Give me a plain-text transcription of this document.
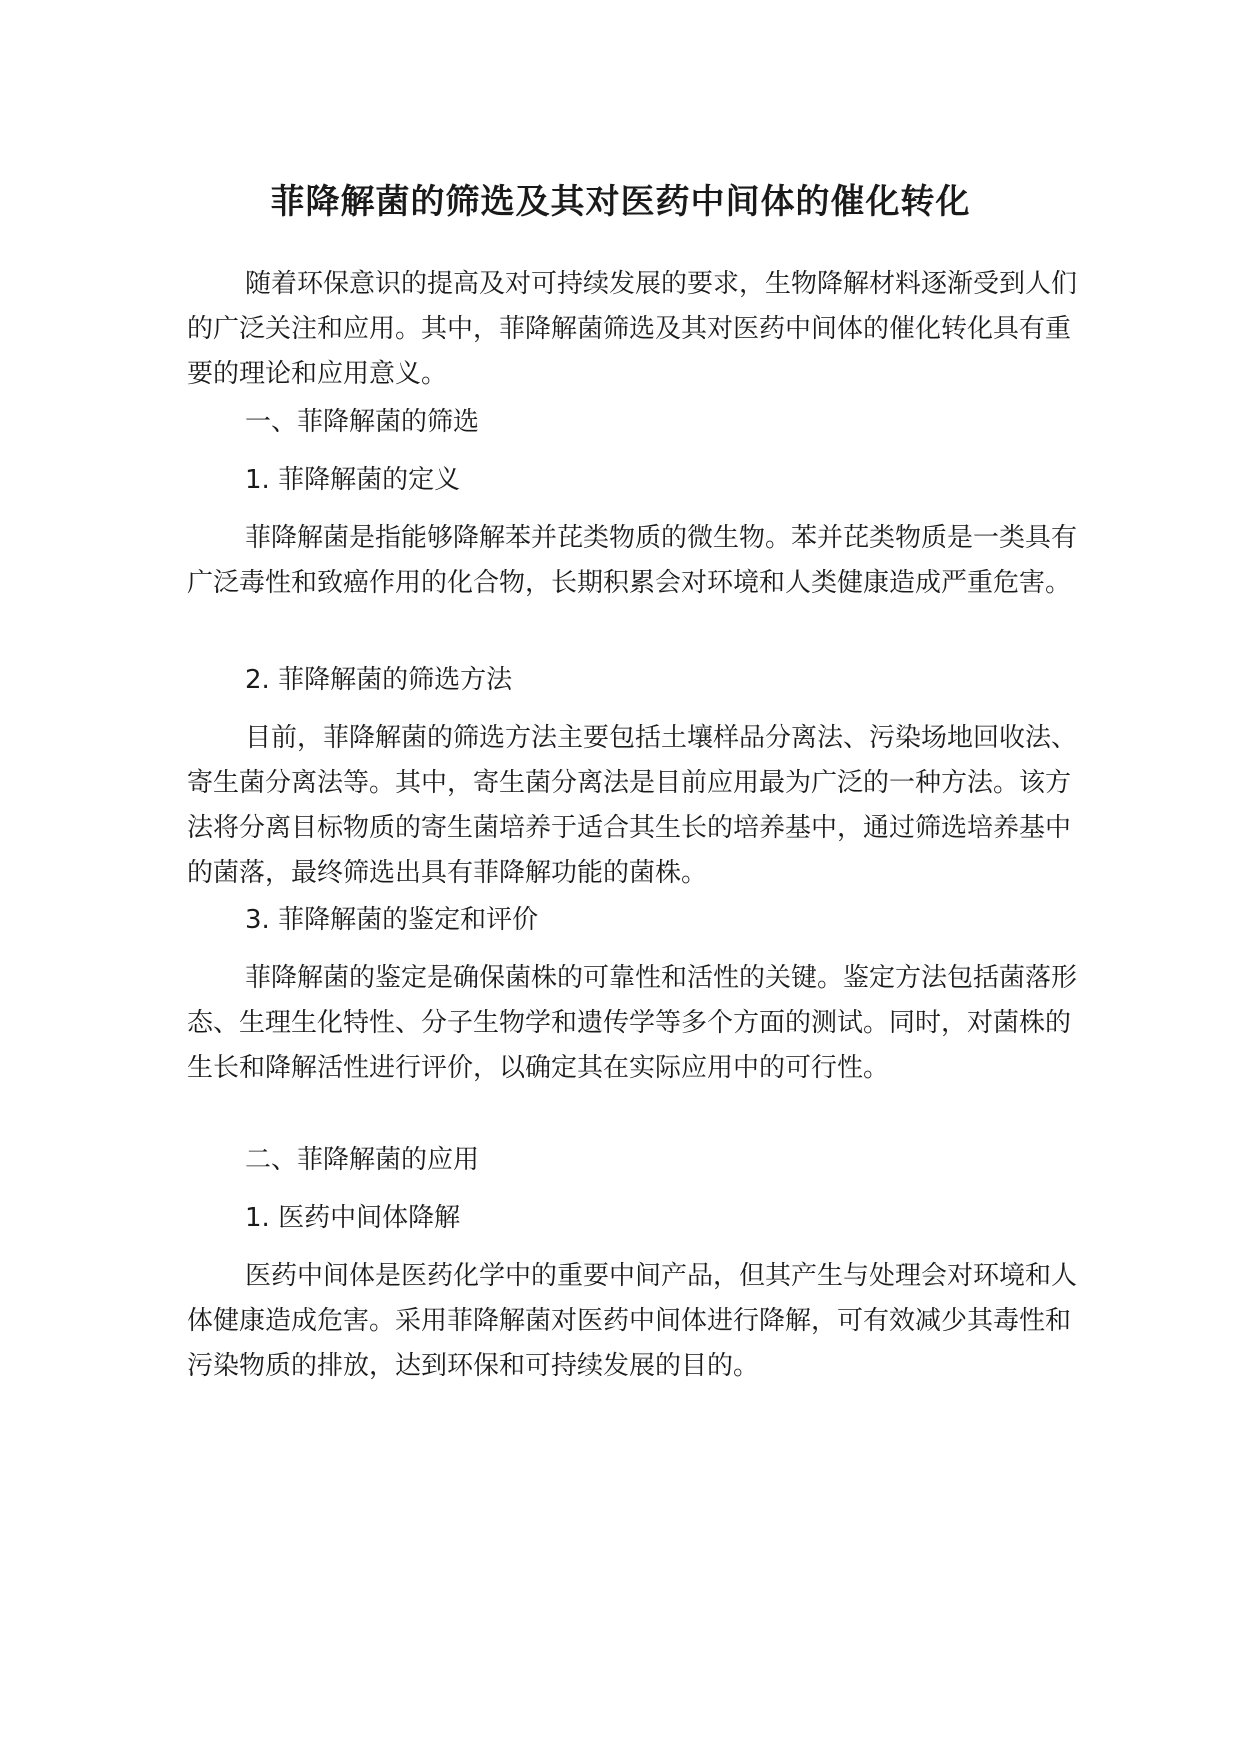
菲降解菌的筛选及其对医药中间体的催化转化

随着环保意识的提高及对可持续发展的要求，生物降解材料逐渐受到人们的广泛关注和应用。其中，菲降解菌筛选及其对医药中间体的催化转化具有重要的理论和应用意义。

一、菲降解菌的筛选

1. 菲降解菌的定义

菲降解菌是指能够降解苯并芘类物质的微生物。苯并芘类物质是一类具有广泛毒性和致癌作用的化合物，长期积累会对环境和人类健康造成严重危害。

2. 菲降解菌的筛选方法

目前，菲降解菌的筛选方法主要包括土壤样品分离法、污染场地回收法、寄生菌分离法等。其中，寄生菌分离法是目前应用最为广泛的一种方法。该方法将分离目标物质的寄生菌培养于适合其生长的培养基中，通过筛选培养基中的菌落，最终筛选出具有菲降解功能的菌株。

3. 菲降解菌的鉴定和评价

菲降解菌的鉴定是确保菌株的可靠性和活性的关键。鉴定方法包括菌落形态、生理生化特性、分子生物学和遗传学等多个方面的测试。同时，对菌株的生长和降解活性进行评价，以确定其在实际应用中的可行性。

二、菲降解菌的应用

1. 医药中间体降解

医药中间体是医药化学中的重要中间产品，但其产生与处理会对环境和人体健康造成危害。采用菲降解菌对医药中间体进行降解，可有效减少其毒性和污染物质的排放，达到环保和可持续发展的目的。
